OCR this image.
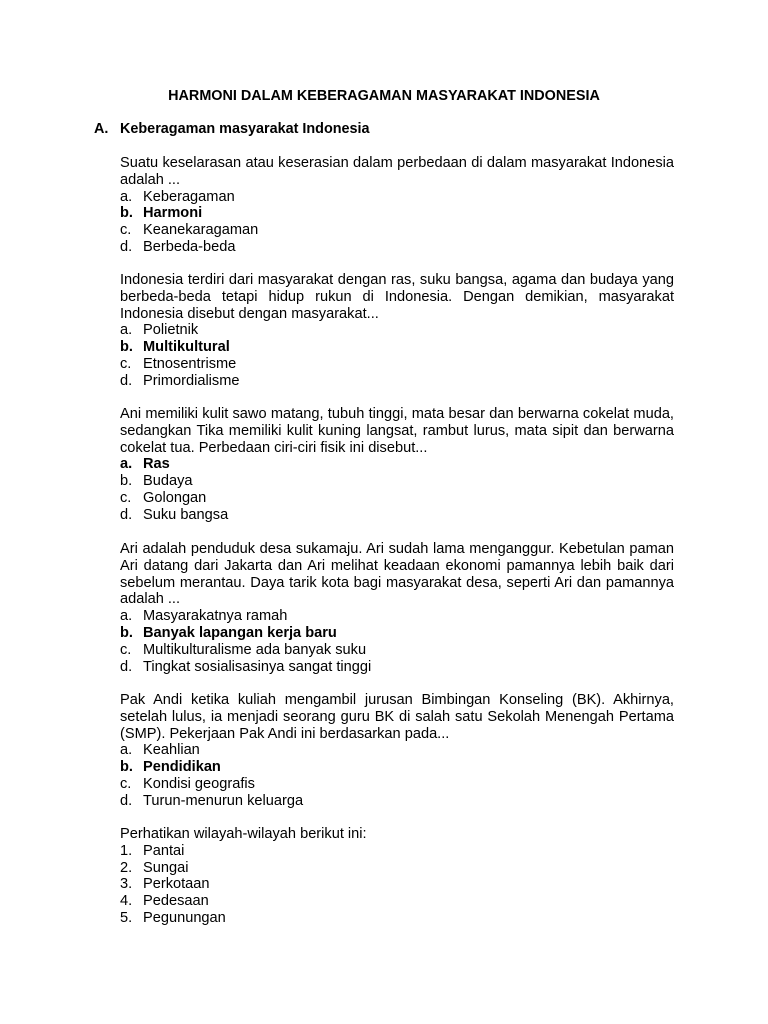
HARMONI DALAM KEBERAGAMAN MASYARAKAT INDONESIA
A. Keberagaman masyarakat Indonesia
Suatu keselarasan atau keserasian dalam perbedaan di dalam masyarakat Indonesia adalah ...
a. Keberagaman
b. Harmoni
c. Keanekaragaman
d. Berbeda-beda
Indonesia terdiri dari masyarakat dengan ras, suku bangsa, agama dan budaya yang berbeda-beda tetapi hidup rukun di Indonesia. Dengan demikian, masyarakat Indonesia disebut dengan masyarakat...
a. Polietnik
b. Multikultural
c. Etnosentrisme
d. Primordialisme
Ani memiliki kulit sawo matang, tubuh tinggi, mata besar dan berwarna cokelat muda, sedangkan Tika memiliki kulit kuning langsat, rambut lurus, mata sipit dan berwarna cokelat tua. Perbedaan ciri-ciri fisik ini disebut...
a. Ras
b. Budaya
c. Golongan
d. Suku bangsa
Ari adalah penduduk desa sukamaju. Ari sudah lama menganggur. Kebetulan paman Ari datang dari Jakarta dan Ari melihat keadaan ekonomi pamannya lebih baik dari sebelum merantau. Daya tarik kota bagi masyarakat desa, seperti Ari dan pamannya adalah ...
a. Masyarakatnya ramah
b. Banyak lapangan kerja baru
c. Multikulturalisme ada banyak suku
d. Tingkat sosialisasinya sangat tinggi
Pak Andi ketika kuliah mengambil jurusan Bimbingan Konseling (BK). Akhirnya, setelah lulus, ia menjadi seorang guru BK di salah satu Sekolah Menengah Pertama (SMP). Pekerjaan Pak Andi ini berdasarkan pada...
a. Keahlian
b. Pendidikan
c. Kondisi geografis
d. Turun-menurun keluarga
Perhatikan wilayah-wilayah berikut ini:
1. Pantai
2. Sungai
3. Perkotaan
4. Pedesaan
5. Pegunungan
